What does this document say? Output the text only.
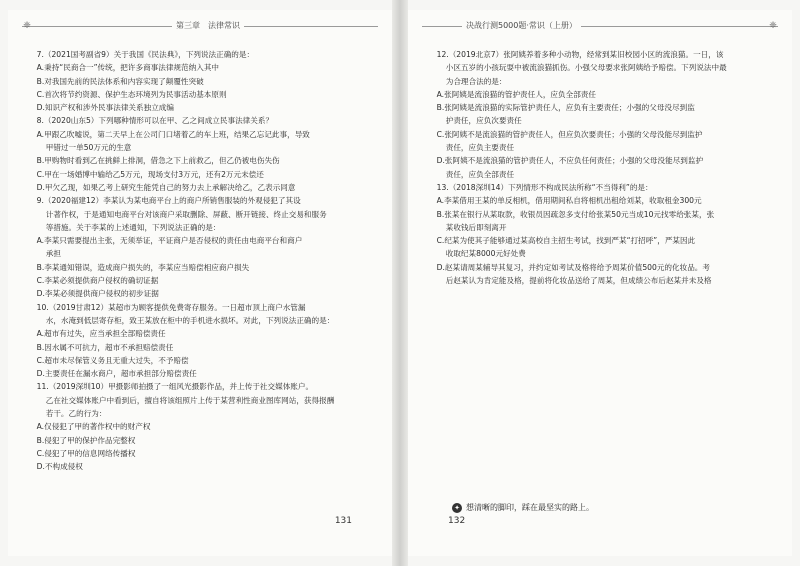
❈	第三章　法律常识

7.（2021国考副省9）关于我国《民法典》，下列说法正确的是：

A.秉持“民商合一”传统，把许多商事法律规范纳入其中

B.对我国先前的民法体系和内容实现了颠覆性突破

C.首次将节约资源、保护生态环境列为民事活动基本原则

D.知识产权和涉外民事法律关系独立成编

8.（2020山东5）下列哪种情形可以在甲、乙之间成立民事法律关系？

A.甲跟乙吹嘘说，第二天早上在公司门口堵着乙的车上班，结果乙忘记此事，导致

甲错过一单50万元的生意

B.甲购物时看到乙在挑鲜上排洞，借急之下上前救乙，但乙仍被电伤失伤

C.甲在一场婚博中输给乙5万元，现场支付3万元，还有2万元未偿还

D.甲欠乙现，如果乙考上研究生能凭自己的努力去上承解决给乙，乙表示同意

9.（2020福建12）李某认为某电商平台上的商户所销售服装的外观侵犯了其设

计著作权，于是通知电商平台对该商户采取删除、屏蔽、断开链接、终止交易和服务

等措施。关于李某的上述通知，下列说法正确的是：

A.李某只需要提出主张，无须举证，平证商户是否侵权的责任由电商平台和商户

承担

B.李某通知错误，造成商户损失的，李某应当赔偿相应商户损失

C.李某必须提供商户侵权的确切证据

D.李某必须提供商户侵权的初步证据

10.（2019甘肃12）某超市为顾客提供免费寄存服务。一日超市顶上商户水管漏

水，水淹到低层寄存柜，致王某放在柜中的手机进水损坏。对此，下列说法正确的是：

A.超市有过失，应当承担全部赔偿责任

B.因水属不可抗力，超市不承担赔偿责任

C.超市未尽保管义务且无重大过失，不予赔偿

D.主要责任在漏水商户，超市承担部分赔偿责任

11.（2019深圳10）甲摄影师拍摄了一组风光摄影作品，并上传于社交媒体账户。

乙在社交媒体账户中看到后，擅自将该组照片上传于某营利性商业图库网站，获得报酬

若干。乙的行为：

A.仅侵犯了甲的著作权中的财产权

B.侵犯了甲的保护作品完整权

C.侵犯了甲的信息网络传播权

D.不构成侵权

131
决战行测5000题·常识（上册）	❈

12.（2019北京7）张阿姨养着多种小动物，经常到某旧校园小区的流浪猫。一日，该

小区五岁的小孩玩耍中被流浪猫抓伤。小强父母要求张阿姨给予赔偿。下列说法中最

为合理合法的是：

A.张阿姨是流浪猫的管护责任人，应负全部责任

B.张阿姨是流浪猫的实际管护责任人，应负有主要责任；小强的父母没尽到监

护责任，应负次要责任

C.张阿姨不是流浪猫的管护责任人，但应负次要责任；小强的父母没能尽到监护

责任，应负主要责任

D.张阿姨不是流浪猫的管护责任人，不应负任何责任；小强的父母没能尽到监护

责任，应负全部责任

13.（2018深圳14）下列情形不构成民法所称“不当得利”的是：

A.李某借用王某的单反相机，借用期间私自将相机出租给刘某，收取租金300元

B.张某在银行从某取款，收银员因疏忽多支付给张某50元当成10元找零给张某，张

某收钱后即刻离开

C.纪某为使其子能够通过某高校自主招生考试，找到严某“打招呼”，严某因此

收取纪某8000元好处费

D.赵某请周某辅导其复习，并约定如考试及格将给予周某价值500元的化妆品。考

后赵某认为肯定能及格，提前将化妆品送给了周某，但成绩公布后赵某并未及格

✦ 想清晰的脚印，踩在最坚实的路上。
132
